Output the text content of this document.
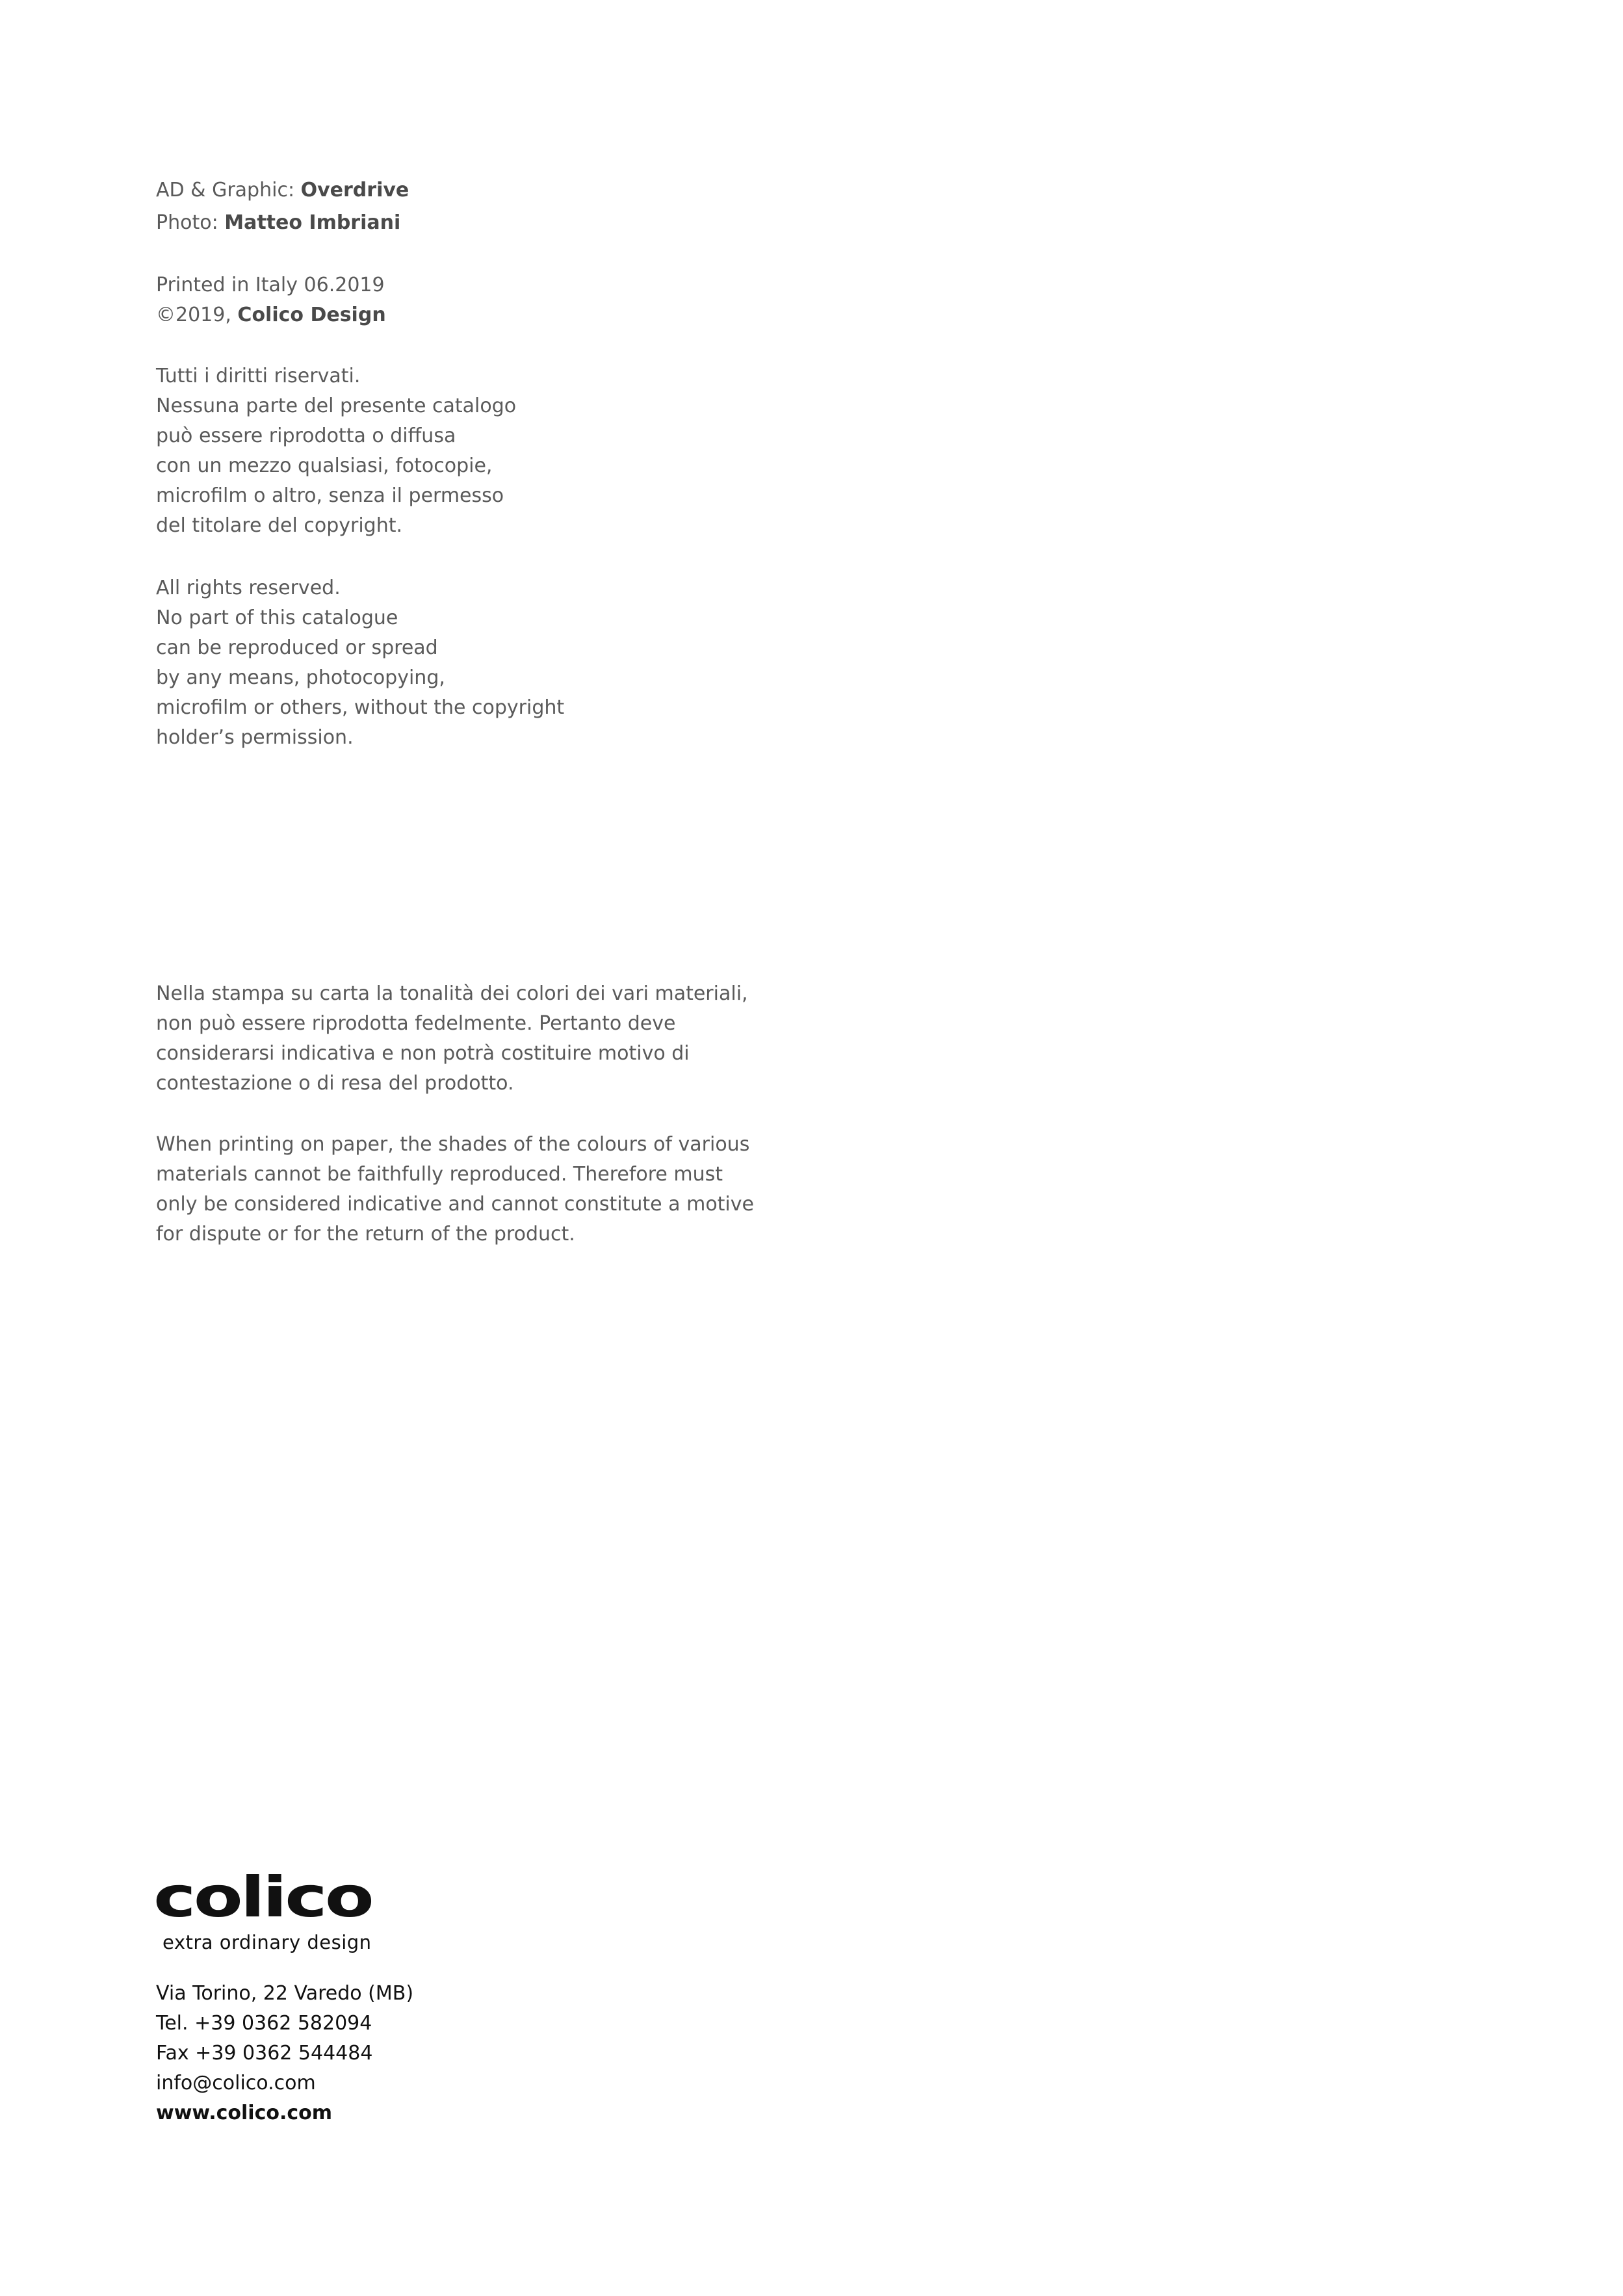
AD & Graphic: Overdrive
Photo: Matteo Imbriani
Printed in Italy 06.2019
©2019, Colico Design
Tutti i diritti riservati.
Nessuna parte del presente catalogo
può essere riprodotta o diffusa
con un mezzo qualsiasi, fotocopie,
microfilm o altro, senza il permesso
del titolare del copyright.
All rights reserved.
No part of this catalogue
can be reproduced or spread
by any means, photocopying,
microfilm or others, without the copyright
holder’s permission.
Nella stampa su carta la tonalità dei colori dei vari materiali,
non può essere riprodotta fedelmente. Pertanto deve
considerarsi indicativa e non potrà costituire motivo di
contestazione o di resa del prodotto.
When printing on paper, the shades of the colours of various
materials cannot be faithfully reproduced. Therefore must
only be considered indicative and cannot constitute a motive
for dispute or for the return of the product.
colico
extra ordinary design
Via Torino, 22 Varedo (MB)
Tel. +39 0362 582094
Fax +39 0362 544484
info@colico.com
www.colico.com
